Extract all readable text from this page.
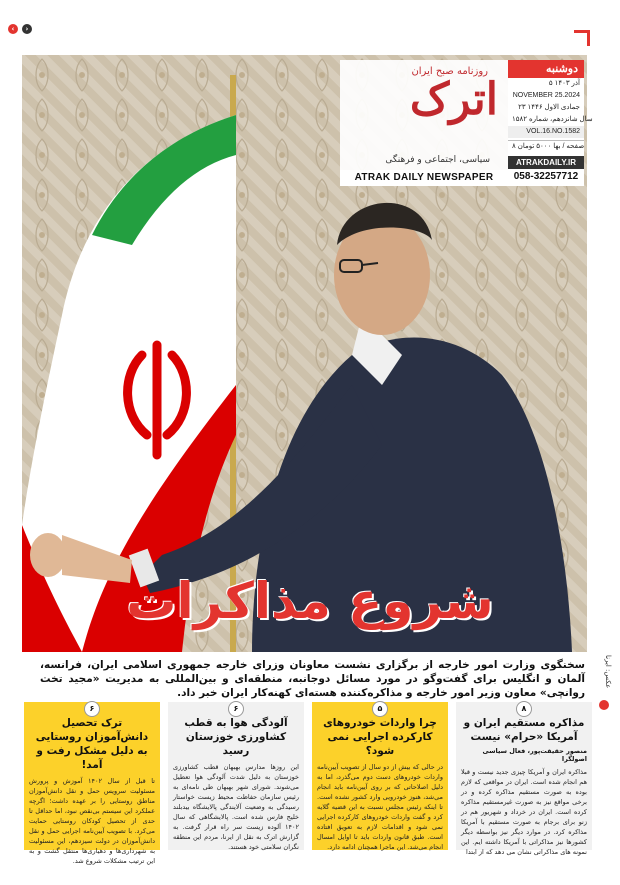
‹	›
روزنامه صبح ایران
اترک
سیاسی، اجتماعی و فرهنگی
ATRAK DAILY NEWSPAPER
دوشنبه
۵ آذر ۱۴۰۳
NOVEMBER 25.2024
۲۳ جمادی الاول ۱۴۴۶
سال شانزدهم، شماره ۱۵۸۲
VOL.16.NO.1582
۸ صفحه / بها ۵۰۰۰ تومان
ATRAKDAILY.IR
058-32257712
شروع مذاکرات
سخنگوی وزارت امور خارجه از برگزاری نشست معاونان وزرای خارجه جمهوری اسلامی ایران، فرانسه، آلمان و انگلیس برای گفت‌وگو در مورد مسائل دوجانبه، منطقه‌ای و بین‌المللی به مدیریت «مجید تخت روانچی» معاون وزیر امور خارجه و مذاکره‌کننده هسته‌ای کهنه‌کار ایران خبر داد.
عکس: ایرنا
۸
مذاکره مستقیم ایران و آمریکا «حرام» نیست
منصور حقیقت‌پور، فعال سیاسی اصولگرا
مذاکره ایران و آمریکا چیزی جدید نیست و قبلا هم انجام شده است. ایران در مواقعی که لازم بوده به صورت مستقیم مذاکره کرده و در برخی مواقع نیز به صورت غیرمستقیم مذاکره کرده است. ایران در خرداد و شهریور هم در زنو برای برجام به صورت مستقیم با آمریکا مذاکره کرد. در موارد دیگر نیز بواسطه دیگر کشورها نیز مذاکراتی با آمریکا داشته ایم. این نمونه های مذاکراتی نشان می دهد که از ابتدا
۵
چرا واردات خودروهای کارکرده اجرایی نمی شود؟
در حالی که بیش از دو سال از تصویب آیین‌نامه واردات خودروهای دست دوم می‌گذرد، اما به دلیل اصلاحاتی که بر روی آیین‌نامه باید انجام می‌شد، هنوز خودرویی وارد کشور نشده است. تا اینکه رئیس مجلس نسبت به این قضیه گلایه کرد و گفت واردات خودروهای کارکرده اجرایی نمی شود و اقدامات لازم به تعویق افتاده است. طبق قانون واردات باید تا اوایل امسال انجام می‌شد. این ماجرا همچنان ادامه دارد.
۶
آلودگی هوا به قطب کشاورزی خوزستان رسید
این روزها مدارس بهبهان قطب کشاورزی خوزستان به دلیل شدت آلودگی هوا تعطیل می‌شوند. شورای شهر بهبهان طی نامه‌ای به رئیس سازمان حفاظت محیط زیست خواستار رسیدگی به وضعیت آلایندگی پالایشگاه بیدبلند خلیج فارس شده است. پالایشگاهی که سال ۱۴۰۲ آلوده زیست سر راه قرار گرفت. به گزارش اترک به نقل از ایرنا، مردم این منطقه نگران سلامتی خود هستند.
۶
ترک تحصیل دانش‌آموزان روستایی به دلیل مشکل رفت و آمد!
تا قبل از سال ۱۴۰۲ آموزش و پرورش مسئولیت سرویس حمل و نقل دانش‌آموزان مناطق روستایی را بر عهده داشت؛ اگرچه عملکرد این سیستم بی‌نقص نبود، اما حداقل تا حدی از تحصیل کودکان روستایی حمایت می‌کرد. با تصویب آیین‌نامه اجرایی حمل و نقل دانش‌آموزان در دولت سیزدهم، این مسئولیت به شهرداری‌ها و دهیاری‌ها منتقل گشت و به این ترتیب مشکلات شروع شد.
